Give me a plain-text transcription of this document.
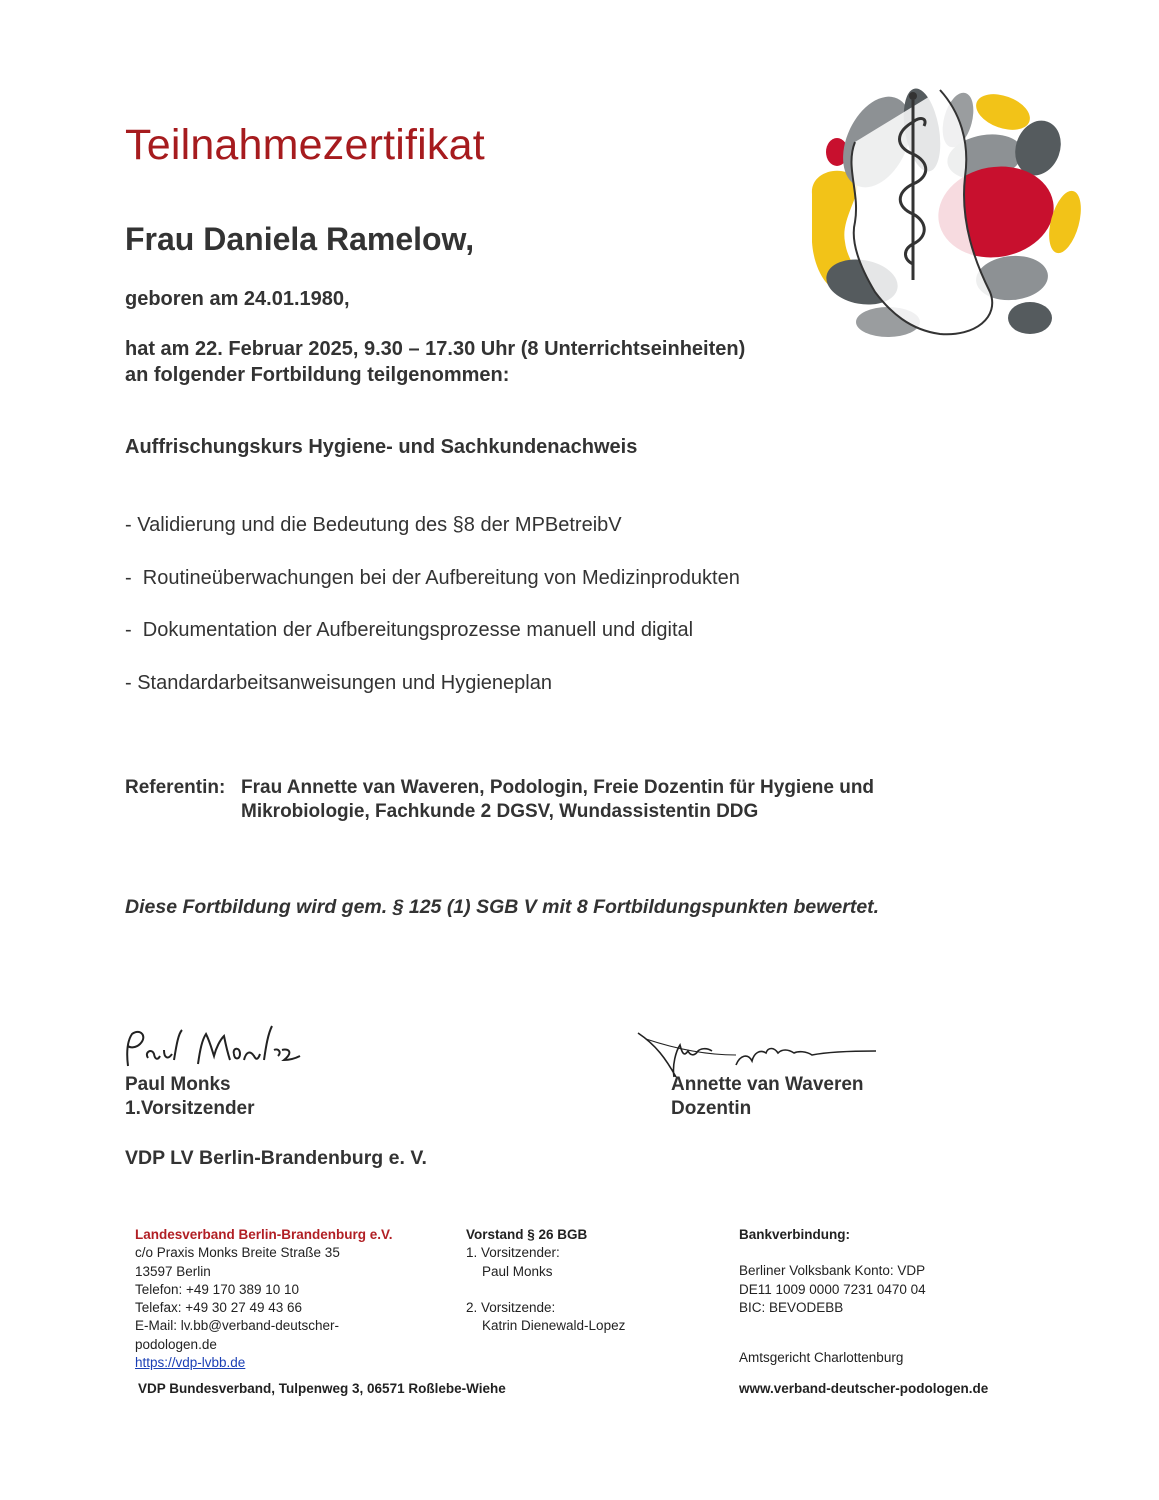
Teilnahmezertifikat
Frau Daniela Ramelow,
geboren am 24.01.1980,
hat am 22. Februar 2025, 9.30 – 17.30 Uhr (8 Unterrichtseinheiten)
an folgender Fortbildung teilgenommen:
Auffrischungskurs Hygiene- und Sachkundenachweis
- Validierung und die Bedeutung des §8 der MPBetreibV
-  Routineüberwachungen bei der Aufbereitung von Medizinprodukten
-  Dokumentation der Aufbereitungsprozesse manuell und digital
- Standardarbeitsanweisungen und Hygieneplan
Referentin: Frau Annette van Waveren, Podologin, Freie Dozentin für Hygiene und
Mikrobiologie, Fachkunde 2 DGSV, Wundassistentin DDG
Diese Fortbildung wird gem. § 125 (1) SGB V mit 8 Fortbildungspunkten bewertet.
Paul Monks
1.Vorsitzender
Annette van Waveren
Dozentin
VDP LV Berlin-Brandenburg e. V.
Landesverband Berlin-Brandenburg e.V.
c/o Praxis Monks Breite Straße 35
13597 Berlin
Telefon: +49 170 389 10 10
Telefax: +49 30 27 49 43 66
E-Mail: lv.bb@verband-deutscher-
podologen.de
https://vdp-lvbb.de
Vorstand § 26 BGB
1. Vorsitzender:
Paul Monks
2. Vorsitzende:
Katrin Dienewald-Lopez
Bankverbindung:
Berliner Volksbank Konto: VDP
DE11 1009 0000 7231 0470 04
BIC: BEVODEBB
Amtsgericht Charlottenburg
VDP Bundesverband, Tulpenweg 3, 06571 Roßlebe-Wiehe	www.verband-deutscher-podologen.de
